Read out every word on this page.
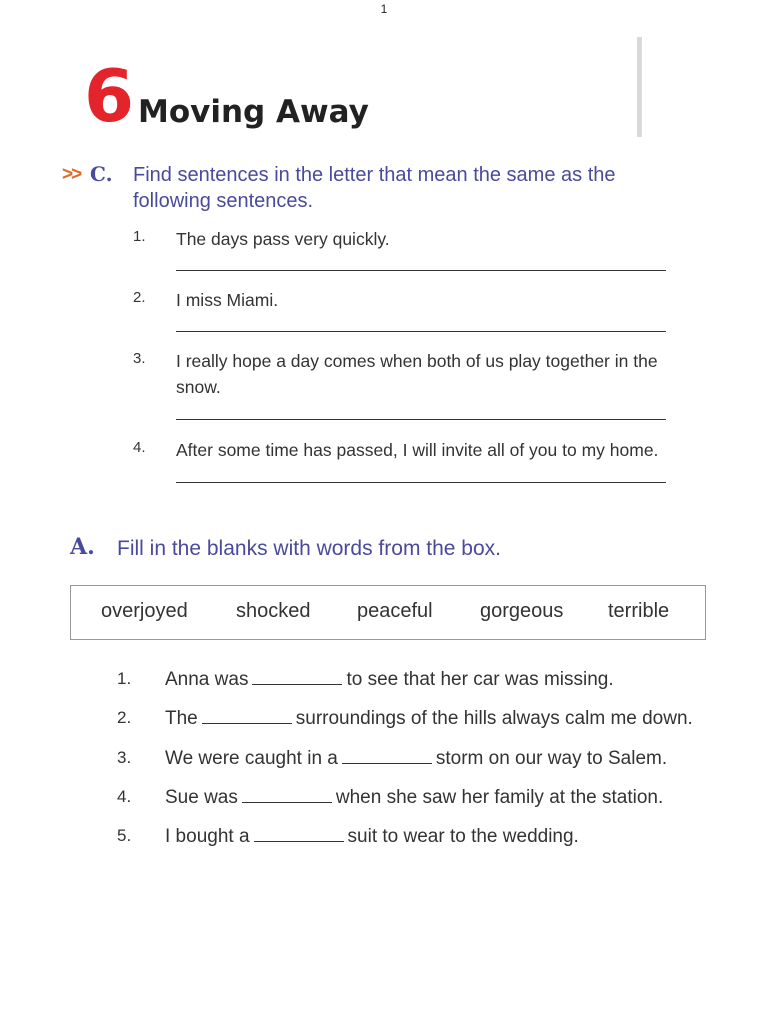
1
6 Moving Away
>> C. Find sentences in the letter that mean the same as the following sentences.
1. The days pass very quickly.
2. I miss Miami.
3. I really hope a day comes when both of us play together in the snow.
4. After some time has passed, I will invite all of you to my home.
A. Fill in the blanks with words from the box.
overjoyed shocked peaceful gorgeous terrible
1. Anna was	to see that her car was missing.
2. The	surroundings of the hills always calm me down.
3. We were caught in a	storm on our way to Salem.
4. Sue was	when she saw her family at the station.
5. I bought a	suit to wear to the wedding.
